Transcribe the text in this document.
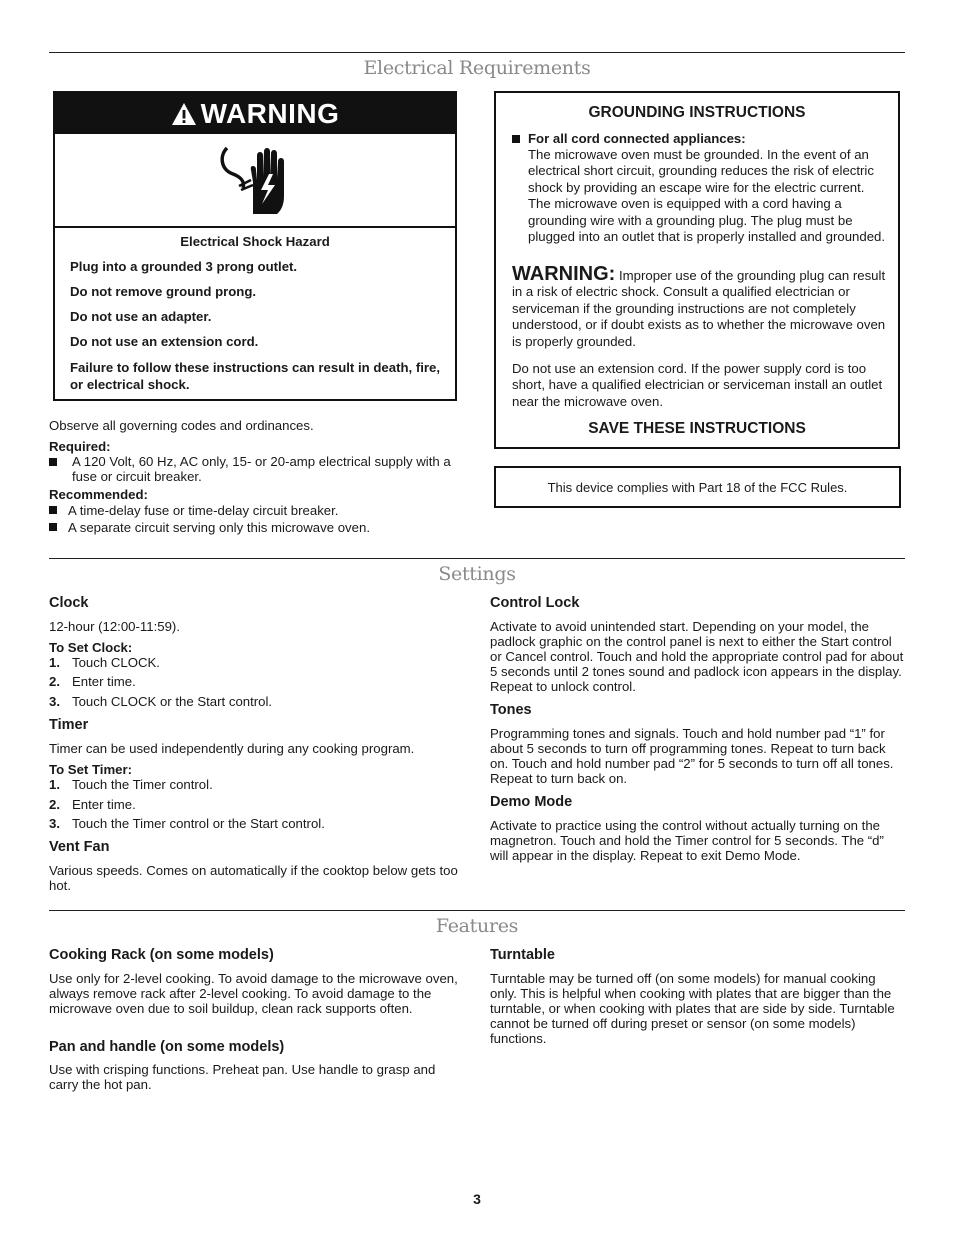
Electrical Requirements
WARNING
Electrical Shock Hazard
Plug into a grounded 3 prong outlet.
Do not remove ground prong.
Do not use an adapter.
Do not use an extension cord.
Failure to follow these instructions can result in death, fire, or electrical shock.
Observe all governing codes and ordinances.
Required:
A 120 Volt, 60 Hz, AC only, 15- or 20-amp electrical supply with a fuse or circuit breaker.
Recommended:
A time-delay fuse or time-delay circuit breaker.
A separate circuit serving only this microwave oven.
GROUNDING INSTRUCTIONS
For all cord connected appliances:
The microwave oven must be grounded. In the event of an electrical short circuit, grounding reduces the risk of electric shock by providing an escape wire for the electric current. The microwave oven is equipped with a cord having a grounding wire with a grounding plug. The plug must be plugged into an outlet that is properly installed and grounded.
WARNING: Improper use of the grounding plug can result in a risk of electric shock. Consult a qualified electrician or serviceman if the grounding instructions are not completely understood, or if doubt exists as to whether the microwave oven is properly grounded.
Do not use an extension cord. If the power supply cord is too short, have a qualified electrician or serviceman install an outlet near the microwave oven.
SAVE THESE INSTRUCTIONS
This device complies with Part 18 of the FCC Rules.
Settings
Clock
12-hour (12:00-11:59).
To Set Clock:
1. Touch CLOCK.
2. Enter time.
3. Touch CLOCK or the Start control.
Timer
Timer can be used independently during any cooking program.
To Set Timer:
1. Touch the Timer control.
2. Enter time.
3. Touch the Timer control or the Start control.
Vent Fan
Various speeds. Comes on automatically if the cooktop below gets too hot.
Control Lock
Activate to avoid unintended start. Depending on your model, the padlock graphic on the control panel is next to either the Start control or Cancel control. Touch and hold the appropriate control pad for about 5 seconds until 2 tones sound and padlock icon appears in the display. Repeat to unlock control.
Tones
Programming tones and signals. Touch and hold number pad “1” for about 5 seconds to turn off programming tones. Repeat to turn back on. Touch and hold number pad “2” for 5 seconds to turn off all tones. Repeat to turn back on.
Demo Mode
Activate to practice using the control without actually turning on the magnetron. Touch and hold the Timer control for 5 seconds. The “d” will appear in the display. Repeat to exit Demo Mode.
Features
Cooking Rack (on some models)
Use only for 2-level cooking. To avoid damage to the microwave oven, always remove rack after 2-level cooking. To avoid damage to the microwave oven due to soil buildup, clean rack supports often.
Pan and handle (on some models)
Use with crisping functions. Preheat pan. Use handle to grasp and carry the hot pan.
Turntable
Turntable may be turned off (on some models) for manual cooking only. This is helpful when cooking with plates that are bigger than the turntable, or when cooking with plates that are side by side. Turntable cannot be turned off during preset or sensor (on some models) functions.
3
